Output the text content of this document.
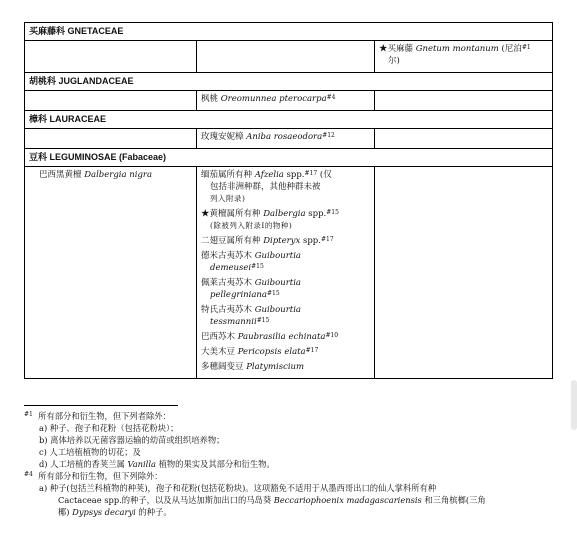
买麻藤科 GNETACEAE

★买麻藤 Gnetum montanum (尼泊$^{\#1}$
尔)
胡桃科 JUGLANDACEAE

枫桃 Oreomunnea pterocarpa$^{\#4}$

樟科 LAURACEAE

玫瑰安妮樟 Aniba rosaeodora$^{\#12}$

豆科 LEGUMINOSAE (Fabaceae)
巴西黑黄檀 Dalbergia nigra	缅茄属所有种 Afzelia spp.$^{\#17}$ (仅
包括非洲种群，其他种群未被
列入附录)
★黄檀属所有种 Dalbergia spp.$^{\#15}$
(除被列入附录I的物种)
二翅豆属所有种 Dipteryx spp.$^{\#17}$
德米古夷苏木 Guibourtia
demeusei$^{\#15}$
佩莱古夷苏木 Guibourtia
pellegriniana$^{\#15}$
特氏古夷苏木 Guibourtia
tessmannii$^{\#15}$
巴西苏木 Paubrasilia echinata$^{\#10}$
大美木豆 Pericopsis elata$^{\#17}$
多穗阔变豆 Platymiscium

$^{\#1}$ 所有部分和衍生物，但下列者除外：

a) 种子、孢子和花粉（包括花粉块）；

b) 离体培养以无菌容器运输的幼苗或组织培养物；

c) 人工培植植物的切花；及

d) 人工培植的香荚兰属 Vanilla 植物的果实及其部分和衍生物。

$^{\#4}$ 所有部分和衍生物，但下列除外：

a) 种子(包括兰科植物的种荚)，孢子和花粉(包括花粉块)。这项豁免不适用于从墨西哥出口的仙人掌科所有种

Cactaceae spp.的种子，以及从马达加斯加出口的马岛葵 Beccariophoenix madagascariensis 和三角槟榔(三角

椰) Dypsys decaryi 的种子。
